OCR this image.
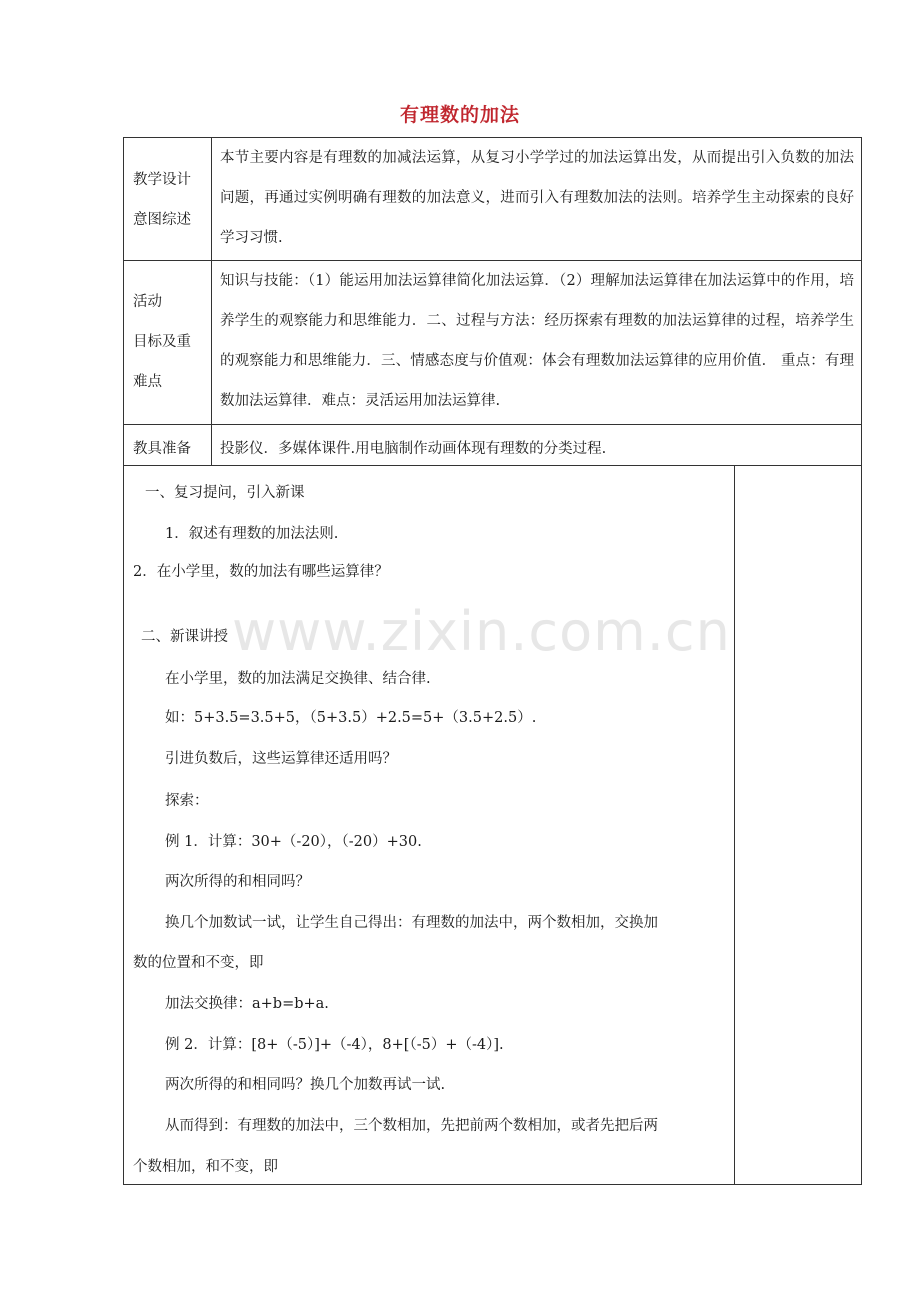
有理数的加法
www.zixin.com.cn
教学设计
意图综述
本节主要内容是有理数的加减法运算，从复习小学学过的加法运算出发，从而提出引入负数的加法问题，再通过实例明确有理数的加法意义，进而引入有理数加法的法则。培养学生主动探索的良好学习习惯.
活动
目标及重
难点
知识与技能：（1）能运用加法运算律简化加法运算．（2）理解加法运算律在加法运算中的作用，培养学生的观察能力和思维能力．二、过程与方法：经历探索有理数的加法运算律的过程，培养学生的观察能力和思维能力．三、情感态度与价值观：体会有理数加法运算律的应用价值． 重点：有理数加法运算律．难点：灵活运用加法运算律.
教具准备 投影仪．多媒体课件.用电脑制作动画体现有理数的分类过程.
一、复习提问，引入新课
1．叙述有理数的加法法则.
2．在小学里，数的加法有哪些运算律？
二、新课讲授
在小学里，数的加法满足交换律、结合律.
如：5+3.5=3.5+5，（5+3.5）+2.5=5+（3.5+2.5）.
引进负数后，这些运算律还适用吗？
探索：
例 1．计算：30+（-20），（-20）+30.
两次所得的和相同吗？
换几个加数试一试，让学生自己得出：有理数的加法中，两个数相加，交换加
数的位置和不变，即
加法交换律：a+b=b+a.
例 2．计算：[8+（-5）]+（-4），8+[（-5）+（-4）].
两次所得的和相同吗？换几个加数再试一试.
从而得到：有理数的加法中，三个数相加，先把前两个数相加，或者先把后两
个数相加，和不变，即
